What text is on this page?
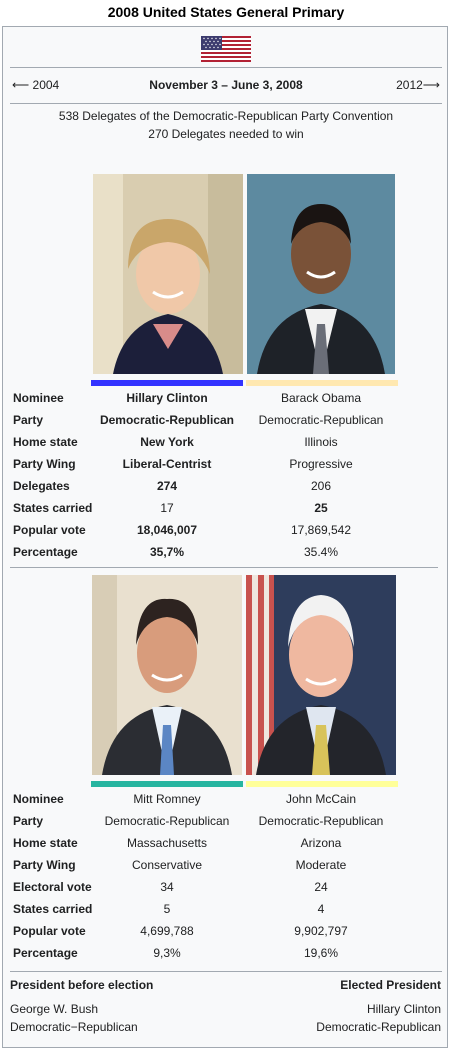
2008 United States General Primary
⟵ 2004	November 3 – June 3, 2008	2012⟶
538 Delegates of the Democratic-Republican Party Convention
270 Delegates needed to win
Nominee	Hillary Clinton	Barack Obama
Party	Democratic-Republican	Democratic-Republican
Home state	New York	Illinois
Party Wing	Liberal-Centrist	Progressive
Delegates	274	206
States carried	17	25
Popular vote	18,046,007	17,869,542
Percentage	35,7%	35.4%
Nominee	Mitt Romney	John McCain
Party	Democratic-Republican	Democratic-Republican
Home state	Massachusetts	Arizona
Party Wing	Conservative	Moderate
Electoral vote	34	24
States carried	5	4
Popular vote	4,699,788	9,902,797
Percentage	9,3%	19,6%
President before election	Elected President
George W. Bush	Hillary Clinton
Democratic−Republican	Democratic-Republican
